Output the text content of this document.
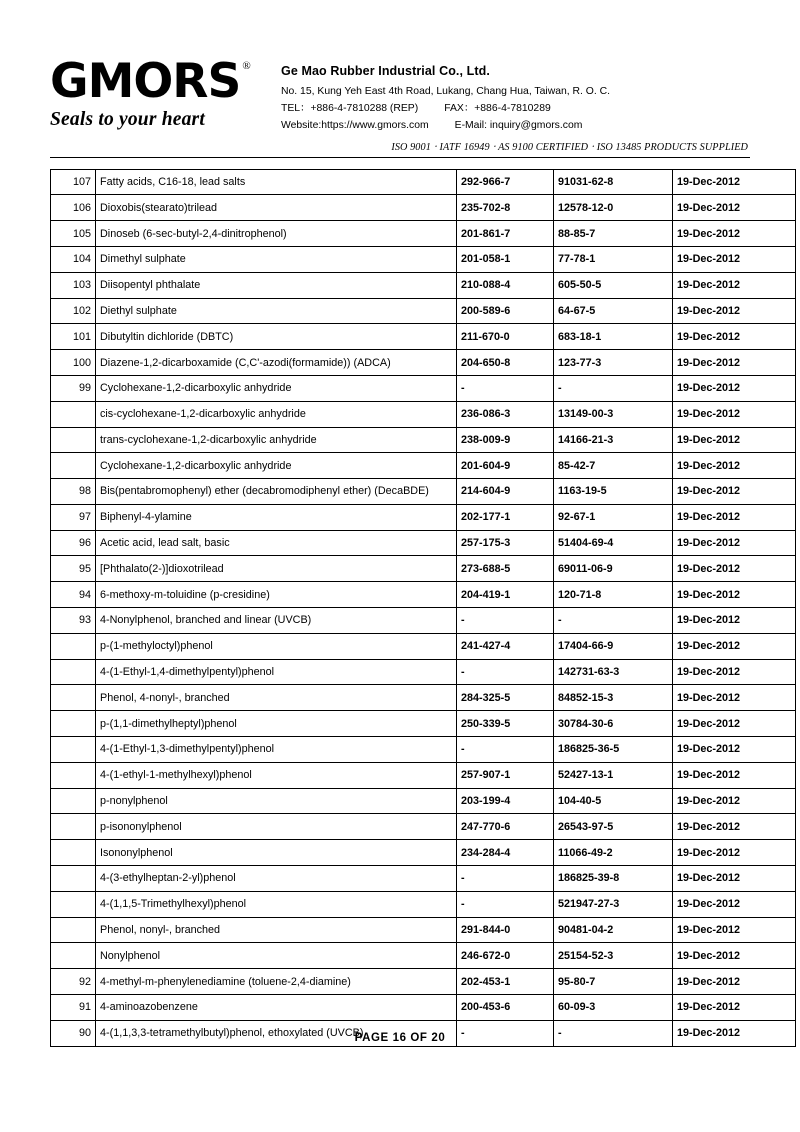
GMORS ®
Seals to your heart
Ge Mao Rubber Industrial Co., Ltd.
No. 15, Kung Yeh East 4th Road, Lukang, Chang Hua, Taiwan, R. O. C.
TEL：+886-4-7810288 (REP)	FAX：+886-4-7810289
Website:https://www.gmors.com	E-Mail: inquiry@gmors.com
ISO 9001 ‧ IATF 16949 ‧ AS 9100 CERTIFIED ‧ ISO 13485 PRODUCTS SUPPLIED
107	Fatty acids, C16-18, lead salts	292-966-7	91031-62-8	19-Dec-2012
106	Dioxobis(stearato)trilead	235-702-8	12578-12-0	19-Dec-2012
105	Dinoseb (6-sec-butyl-2,4-dinitrophenol)	201-861-7	88-85-7	19-Dec-2012
104	Dimethyl sulphate	201-058-1	77-78-1	19-Dec-2012
103	Diisopentyl phthalate	210-088-4	605-50-5	19-Dec-2012
102	Diethyl sulphate	200-589-6	64-67-5	19-Dec-2012
101	Dibutyltin dichloride (DBTC)	211-670-0	683-18-1	19-Dec-2012
100	Diazene-1,2-dicarboxamide (C,C'-azodi(formamide)) (ADCA)	204-650-8	123-77-3	19-Dec-2012
99	Cyclohexane-1,2-dicarboxylic anhydride	-	-	19-Dec-2012
	cis-cyclohexane-1,2-dicarboxylic anhydride	236-086-3	13149-00-3	19-Dec-2012
	trans-cyclohexane-1,2-dicarboxylic anhydride	238-009-9	14166-21-3	19-Dec-2012
	Cyclohexane-1,2-dicarboxylic anhydride	201-604-9	85-42-7	19-Dec-2012
98	Bis(pentabromophenyl) ether (decabromodiphenyl ether) (DecaBDE)	214-604-9	1163-19-5	19-Dec-2012
97	Biphenyl-4-ylamine	202-177-1	92-67-1	19-Dec-2012
96	Acetic acid, lead salt, basic	257-175-3	51404-69-4	19-Dec-2012
95	[Phthalato(2-)]dioxotrilead	273-688-5	69011-06-9	19-Dec-2012
94	6-methoxy-m-toluidine (p-cresidine)	204-419-1	120-71-8	19-Dec-2012
93	4-Nonylphenol, branched and linear (UVCB)	-	-	19-Dec-2012
	p-(1-methyloctyl)phenol	241-427-4	17404-66-9	19-Dec-2012
	4-(1-Ethyl-1,4-dimethylpentyl)phenol	-	142731-63-3	19-Dec-2012
	Phenol, 4-nonyl-, branched	284-325-5	84852-15-3	19-Dec-2012
	p-(1,1-dimethylheptyl)phenol	250-339-5	30784-30-6	19-Dec-2012
	4-(1-Ethyl-1,3-dimethylpentyl)phenol	-	186825-36-5	19-Dec-2012
	4-(1-ethyl-1-methylhexyl)phenol	257-907-1	52427-13-1	19-Dec-2012
	p-nonylphenol	203-199-4	104-40-5	19-Dec-2012
	p-isononylphenol	247-770-6	26543-97-5	19-Dec-2012
	Isononylphenol	234-284-4	11066-49-2	19-Dec-2012
	4-(3-ethylheptan-2-yl)phenol	-	186825-39-8	19-Dec-2012
	4-(1,1,5-Trimethylhexyl)phenol	-	521947-27-3	19-Dec-2012
	Phenol, nonyl-, branched	291-844-0	90481-04-2	19-Dec-2012
	Nonylphenol	246-672-0	25154-52-3	19-Dec-2012
92	4-methyl-m-phenylenediamine (toluene-2,4-diamine)	202-453-1	95-80-7	19-Dec-2012
91	4-aminoazobenzene	200-453-6	60-09-3	19-Dec-2012
90	4-(1,1,3,3-tetramethylbutyl)phenol, ethoxylated (UVCB)	-	-	19-Dec-2012
PAGE 16 OF 20
